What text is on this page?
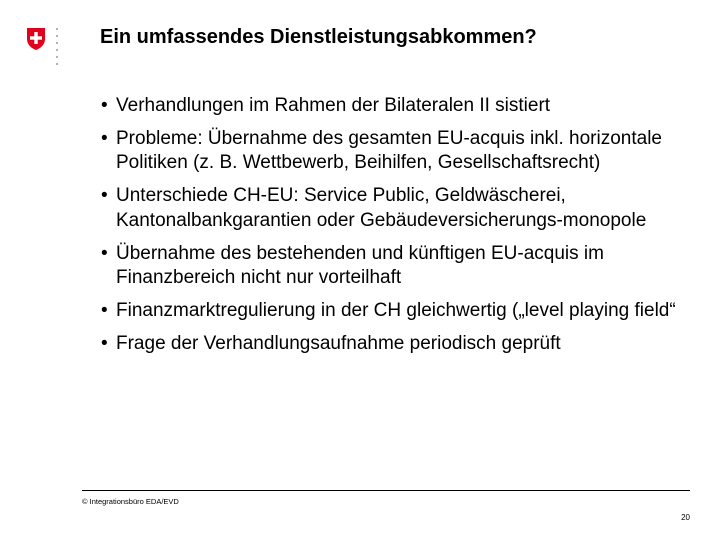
Ein umfassendes Dienstleistungsabkommen?
• Verhandlungen im Rahmen der Bilateralen II sistiert
• Probleme: Übernahme des gesamten EU-acquis inkl. horizontale Politiken (z. B. Wettbewerb, Beihilfen, Gesellschaftsrecht)
• Unterschiede CH-EU: Service Public, Geldwäscherei, Kantonalbankgarantien oder Gebäudeversicherungs-monopole
• Übernahme des bestehenden und künftigen EU-acquis im Finanzbereich nicht nur vorteilhaft
• Finanzmarktregulierung in der CH gleichwertig („level playing field“
• Frage der Verhandlungsaufnahme periodisch geprüft
© Integrationsbüro EDA/EVD
20
